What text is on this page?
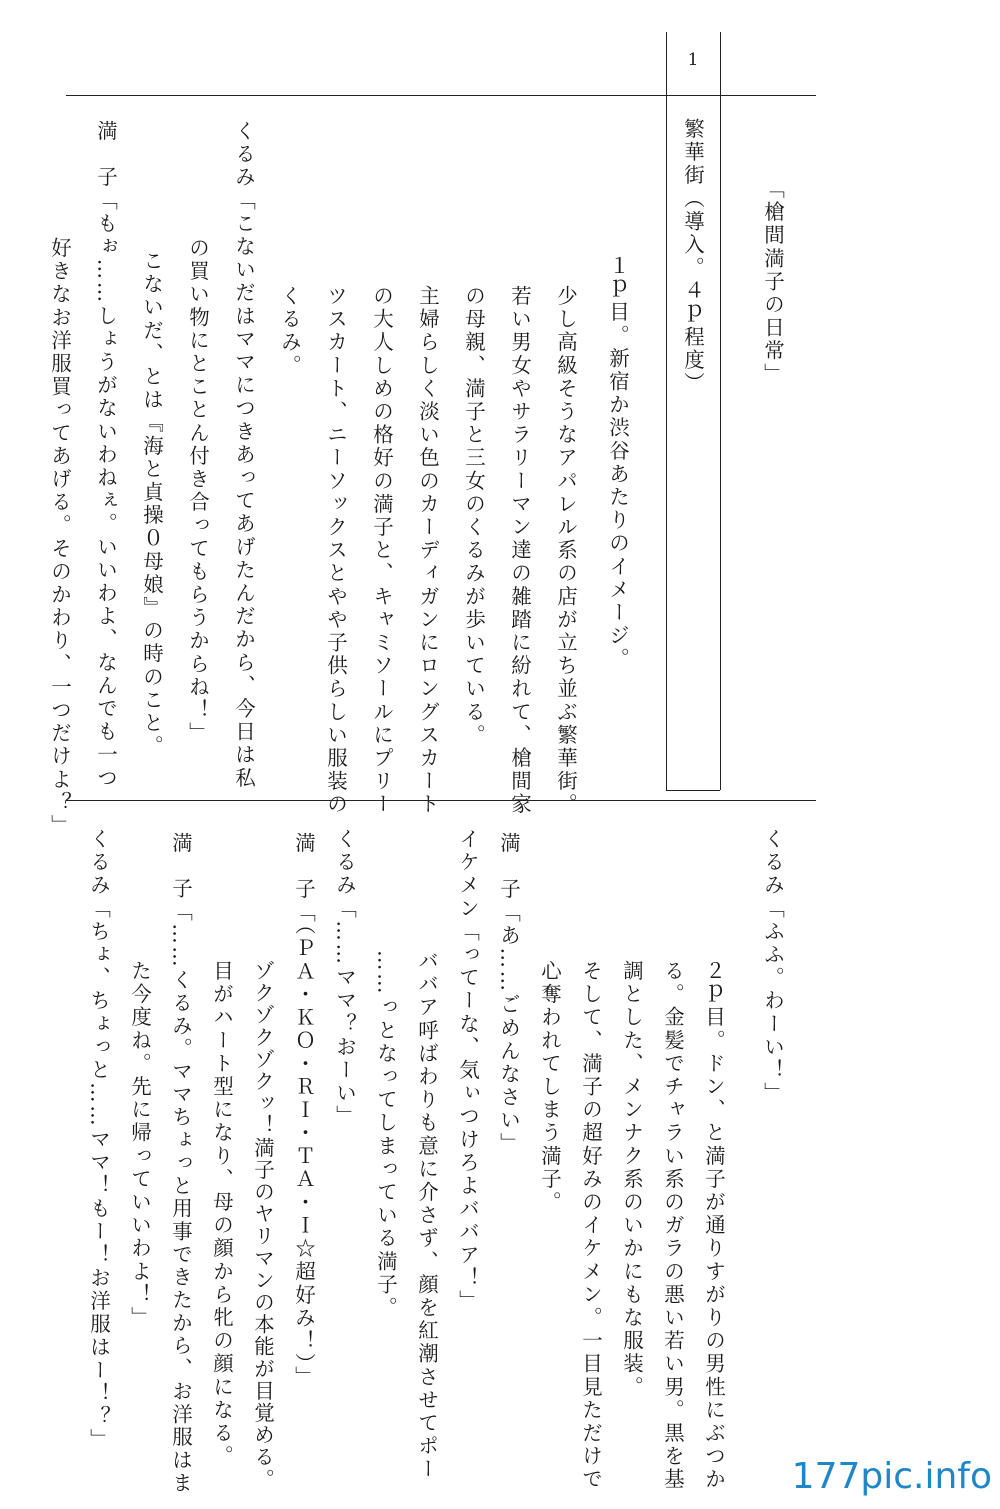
1
「槍間満子の日常」
繁華街（導入。４ｐ程度）
１ｐ目。新宿か渋谷あたりのイメージ。
少し高級そうなアパレル系の店が立ち並ぶ繁華街。
若い男女やサラリーマン達の雑踏に紛れて、槍間家
の母親、満子と三女のくるみが歩いている。
主婦らしく淡い色のカーディガンにロングスカート
の大人しめの格好の満子と、キャミソールにプリー
ツスカート、ニーソックスとやや子供らしい服装の
くるみ。
くるみ「こないだはママにつきあってあげたんだから、今日は私
の買い物にとことん付き合ってもらうからね！」
こないだ、とは『海と貞操０母娘』の時のこと。
満　子「もぉ……しょうがないわねぇ。いいわよ、なんでも一つ
好きなお洋服買ってあげる。そのかわり、一つだけよ？」
くるみ「ふふ。わーい！」
２ｐ目。ドン、と満子が通りすがりの男性にぶつか
る。金髪でチャラい系のガラの悪い若い男。黒を基
調とした、メンナク系のいかにもな服装。
そして、満子の超好みのイケメン。一目見ただけで
心奪われてしまう満子。
満　子「あ……ごめんなさい」
イケメン「ってーな、気ぃつけろよババア！」
ババア呼ばわりも意に介さず、顔を紅潮させてポー
……っとなってしまっている満子。
くるみ「……ママ？おーい」
満　子「（ＰＡ・ＫＯ・ＲＩ・ＴＡ・Ｉ☆超好み！）」
ゾクゾクゾクッ！満子のヤリマンの本能が目覚める。
目がハート型になり、母の顔から牝の顔になる。
満　子「……くるみ。ママちょっと用事できたから、お洋服はま
た今度ね。先に帰っていいわよ！」
くるみ「ちょ、ちょっと……ママ！もー！お洋服はー！？」
177pic.info
